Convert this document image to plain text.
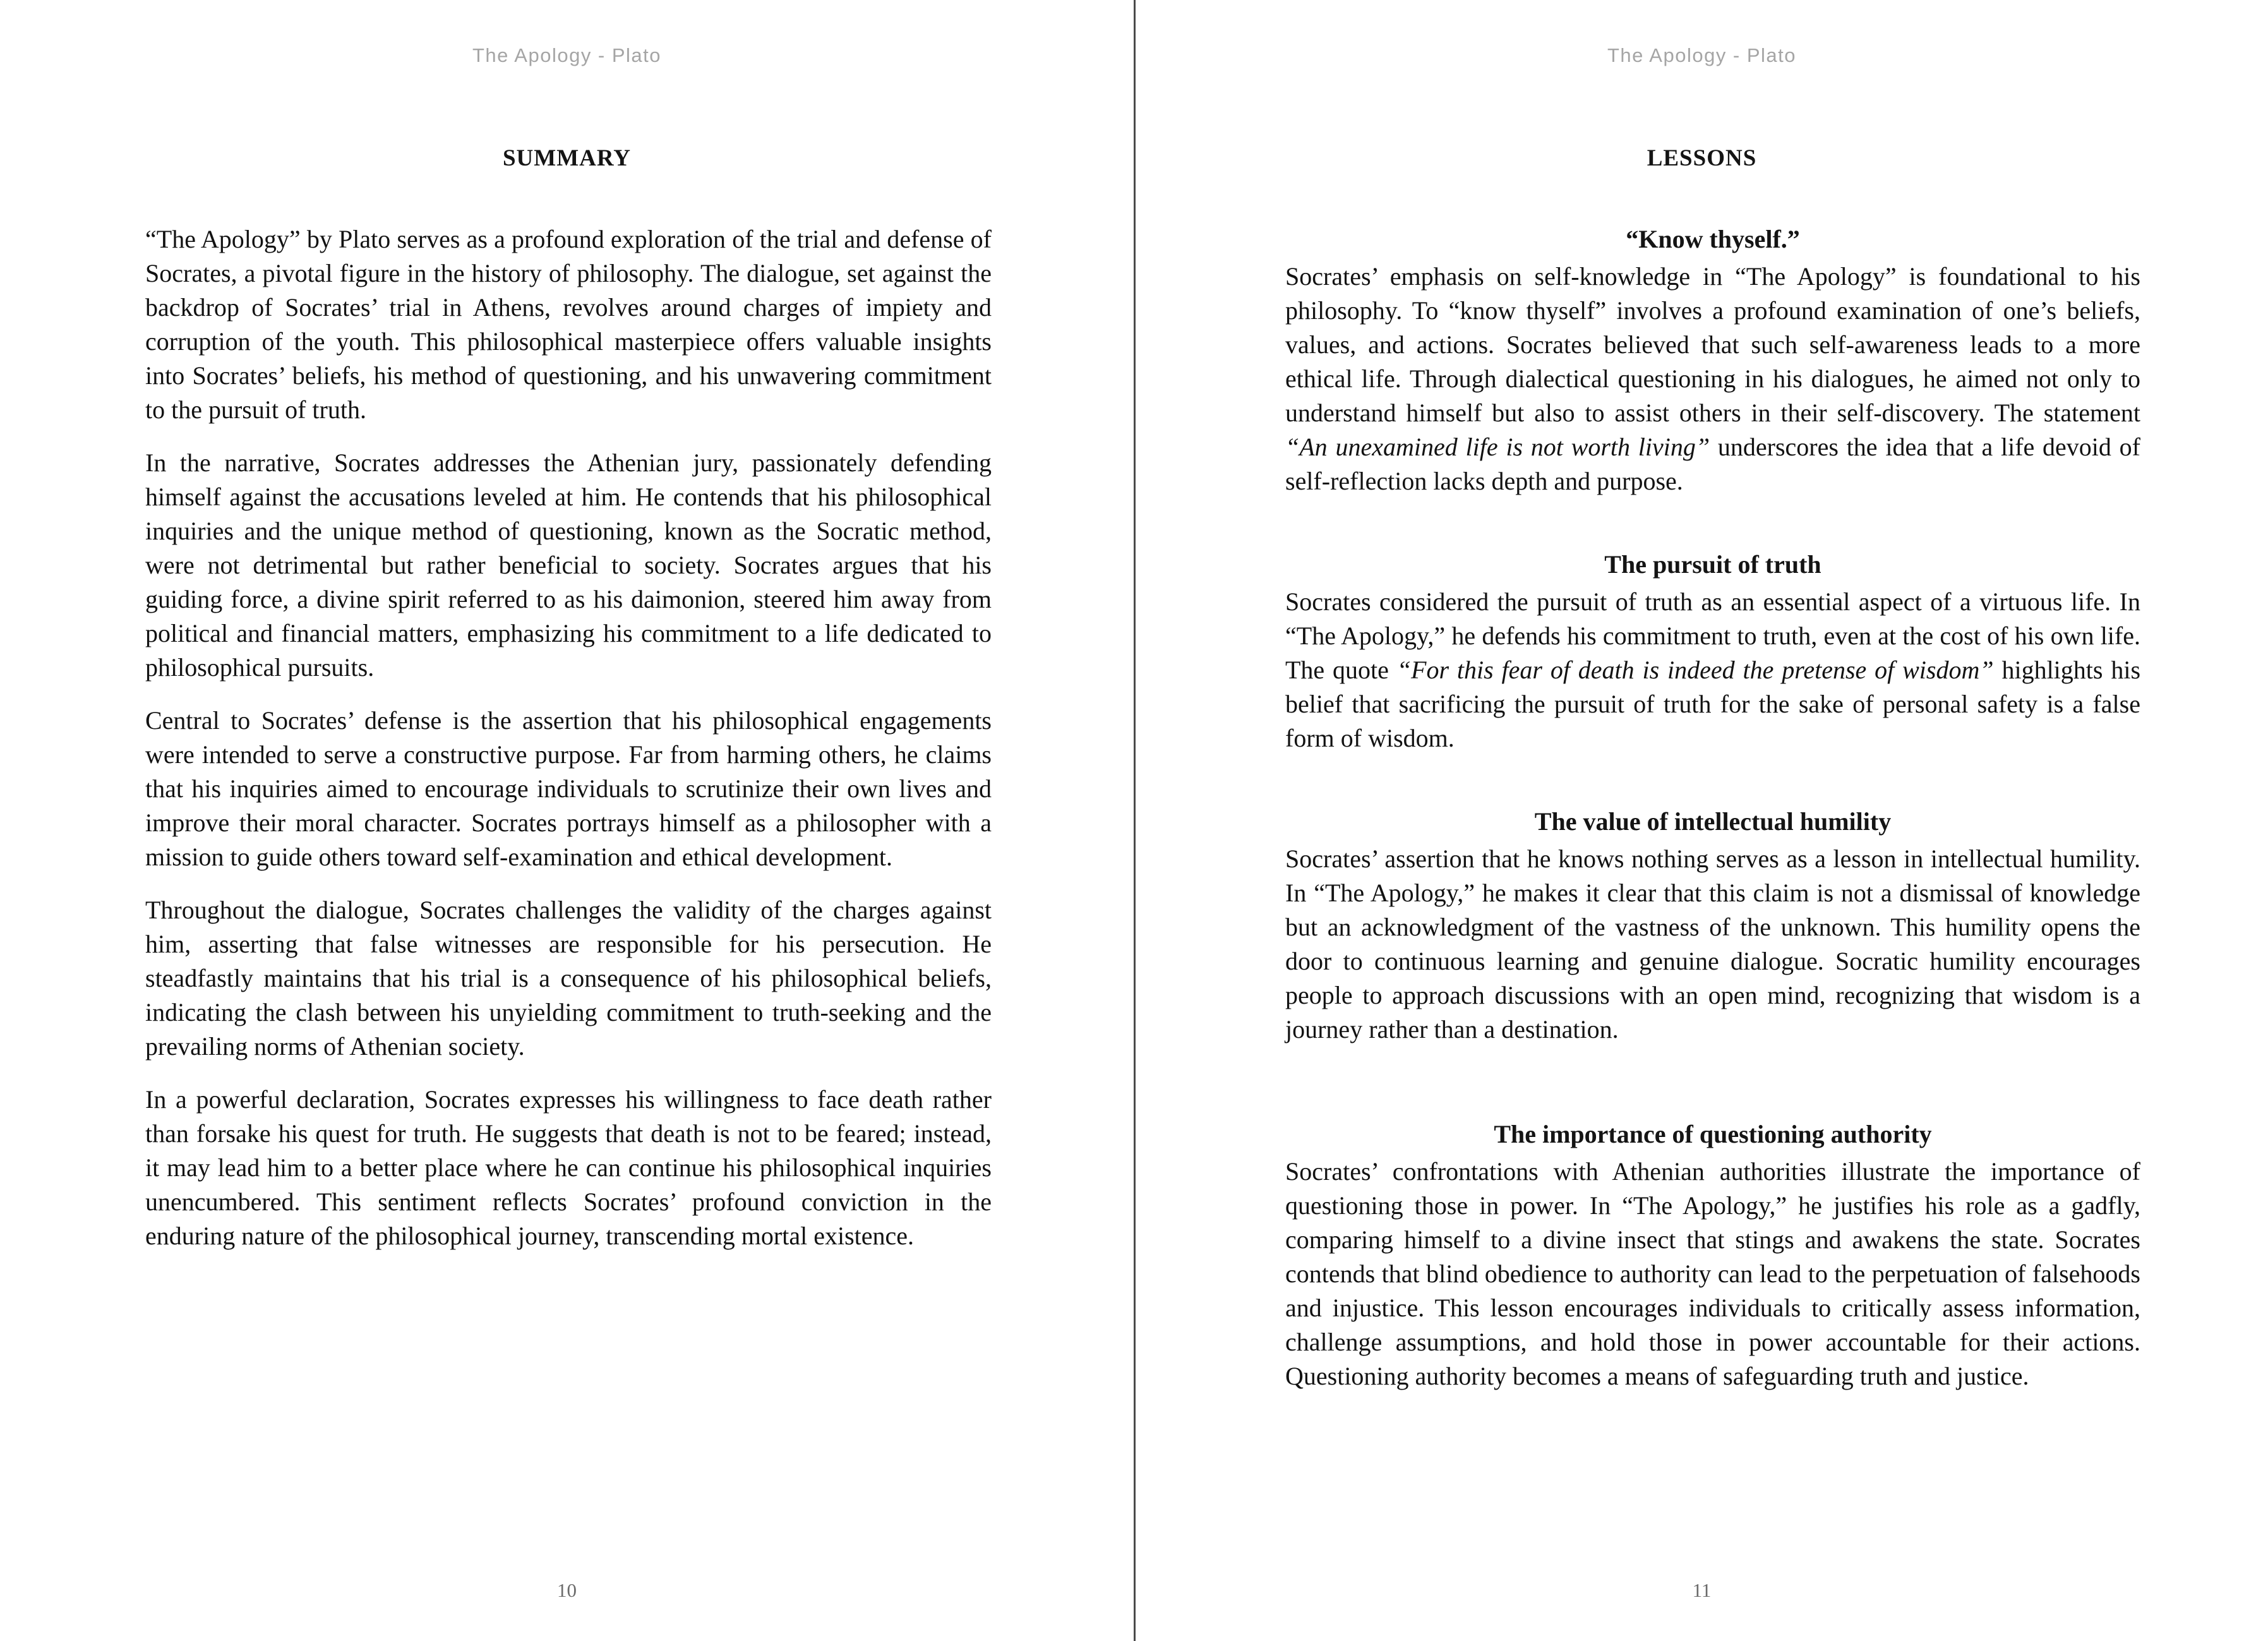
The Apology - Plato
SUMMARY

“The Apology” by Plato serves as a profound exploration of the trial and defense of Socrates, a pivotal figure in the history of philosophy. The dialogue, set against the backdrop of Socrates’ trial in Athens, revolves around charges of impiety and corruption of the youth. This philosophical masterpiece offers valuable insights into Socrates’ beliefs, his method of questioning, and his unwavering commitment to the pursuit of truth.

In the narrative, Socrates addresses the Athenian jury, passionately defending himself against the accusations leveled at him. He contends that his philosophical inquiries and the unique method of questioning, known as the Socratic method, were not detrimental but rather beneficial to society. Socrates argues that his guiding force, a divine spirit referred to as his daimonion, steered him away from political and financial matters, emphasizing his commitment to a life dedicated to philosophical pursuits.

Central to Socrates’ defense is the assertion that his philosophical engagements were intended to serve a constructive purpose. Far from harming others, he claims that his inquiries aimed to encourage individuals to scrutinize their own lives and improve their moral character. Socrates portrays himself as a philosopher with a mission to guide others toward self-examination and ethical development.

Throughout the dialogue, Socrates challenges the validity of the charges against him, asserting that false witnesses are responsible for his persecution. He steadfastly maintains that his trial is a consequence of his philosophical beliefs, indicating the clash between his unyielding commitment to truth-seeking and the prevailing norms of Athenian society.

In a powerful declaration, Socrates expresses his willingness to face death rather than forsake his quest for truth. He suggests that death is not to be feared; instead, it may lead him to a better place where he can continue his philosophical inquiries unencumbered. This sentiment reflects Socrates’ profound conviction in the enduring nature of the philosophical journey, transcending mortal existence.

10
The Apology - Plato
LESSONS
“Know thyself.”

Socrates’ emphasis on self-knowledge in “The Apology” is foundational to his philosophy. To “know thyself” involves a profound examination of one’s beliefs, values, and actions. Socrates believed that such self-awareness leads to a more ethical life. Through dialectical questioning in his dialogues, he aimed not only to understand himself but also to assist others in their self-discovery. The statement “An unexamined life is not worth living” underscores the idea that a life devoid of self-reflection lacks depth and purpose.

The pursuit of truth

Socrates considered the pursuit of truth as an essential aspect of a virtuous life. In “The Apology,” he defends his commitment to truth, even at the cost of his own life. The quote “For this fear of death is indeed the pretense of wisdom” highlights his belief that sacrificing the pursuit of truth for the sake of personal safety is a false form of wisdom.

The value of intellectual humility

Socrates’ assertion that he knows nothing serves as a lesson in intellectual humility. In “The Apology,” he makes it clear that this claim is not a dismissal of knowledge but an acknowledgment of the vastness of the unknown. This humility opens the door to continuous learning and genuine dialogue. Socratic humility encourages people to approach discussions with an open mind, recognizing that wisdom is a journey rather than a destination.

The importance of questioning authority

Socrates’ confrontations with Athenian authorities illustrate the importance of questioning those in power. In “The Apology,” he justifies his role as a gadfly, comparing himself to a divine insect that stings and awakens the state. Socrates contends that blind obedience to authority can lead to the perpetuation of falsehoods and injustice. This lesson encourages individuals to critically assess information, challenge assumptions, and hold those in power accountable for their actions. Questioning authority becomes a means of safeguarding truth and justice.

11
